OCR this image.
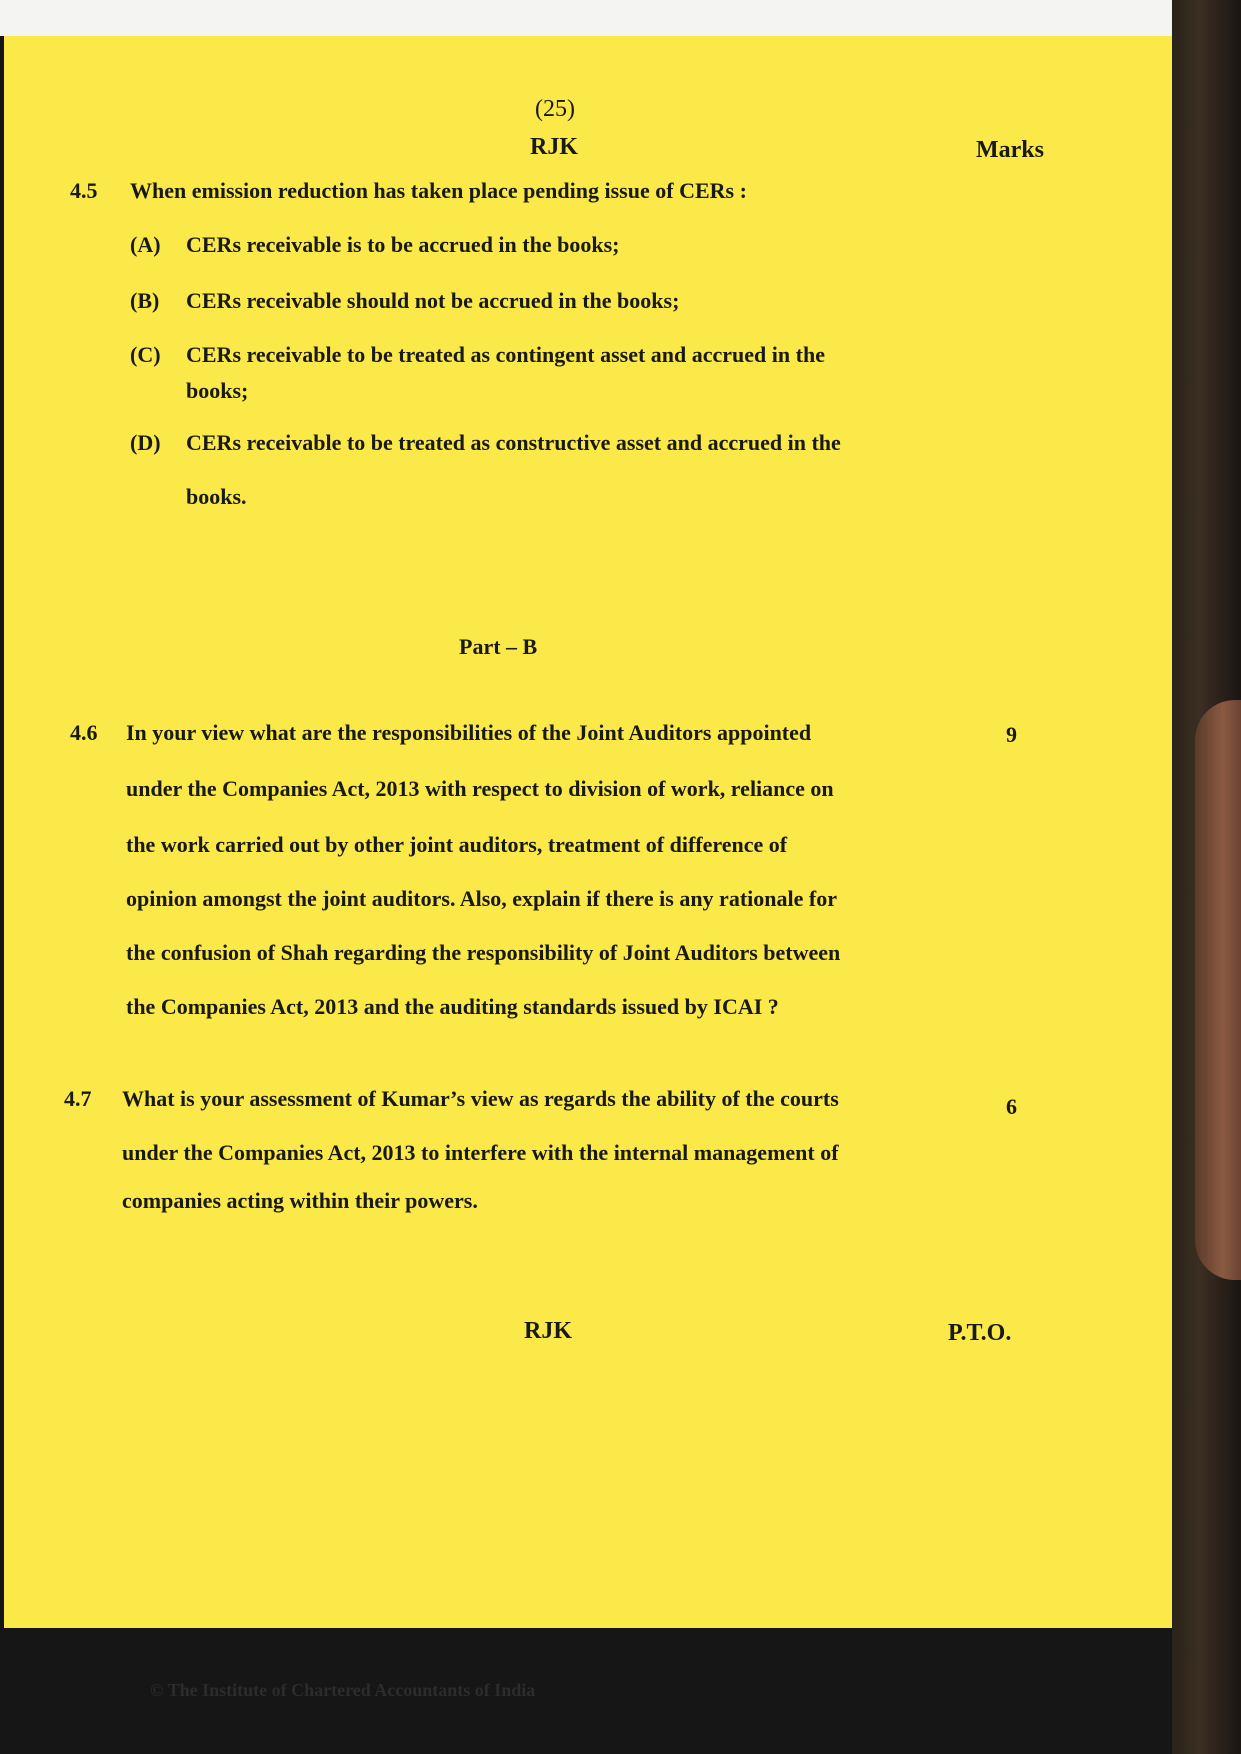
(25)
RJK	Marks
4.5 When emission reduction has taken place pending issue of CERs :
(A) CERs receivable is to be accrued in the books;
(B) CERs receivable should not be accrued in the books;
(C) CERs receivable to be treated as contingent asset and accrued in the
books;
(D) CERs receivable to be treated as constructive asset and accrued in the
books.
Part – B
4.6	9
In your view what are the responsibilities of the Joint Auditors appointed
under the Companies Act, 2013 with respect to division of work, reliance on
the work carried out by other joint auditors, treatment of difference of
opinion amongst the joint auditors. Also, explain if there is any rationale for
the confusion of Shah regarding the responsibility of Joint Auditors between
the Companies Act, 2013 and the auditing standards issued by ICAI ?
4.7	6
What is your assessment of Kumar’s view as regards the ability of the courts
under the Companies Act, 2013 to interfere with the internal management of
companies acting within their powers.
RJK	P.T.O.
© The Institute of Chartered Accountants of India
